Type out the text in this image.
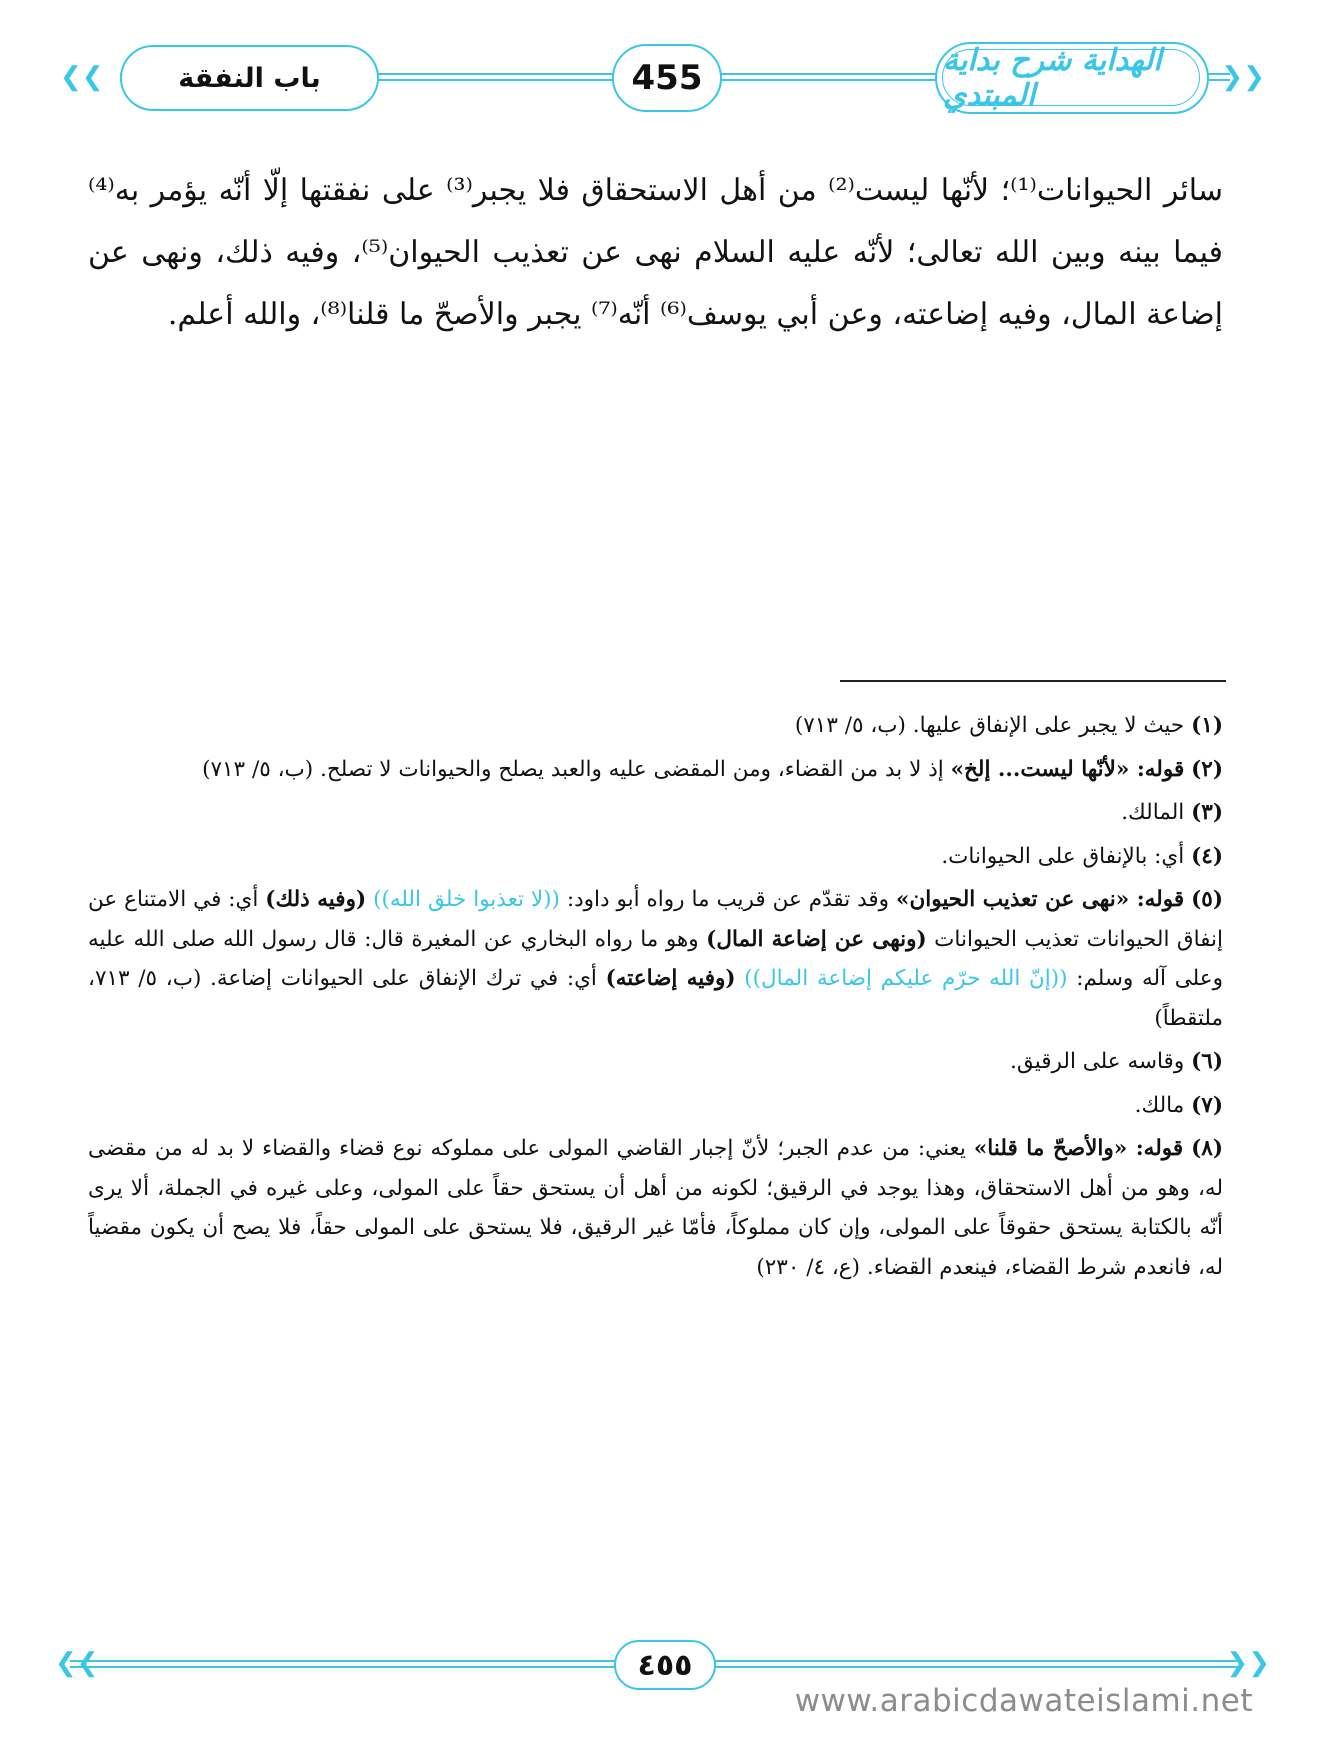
❮❮	❯❯
باب النفقة	455	الهداية شرح بداية المبتدي

سائر الحيوانات⁽¹⁾؛ لأنّها ليست⁽²⁾ من أهل الاستحقاق فلا يجبر⁽³⁾ على نفقتها إلّا أنّه يؤمر به⁽⁴⁾ فيما بينه وبين الله تعالى؛ لأنّه عليه السلام نهى عن تعذيب الحيوان⁽⁵⁾، وفيه ذلك، ونهى عن إضاعة المال، وفيه إضاعته، وعن أبي يوسف⁽⁶⁾ أنّه⁽⁷⁾ يجبر والأصحّ ما قلنا⁽⁸⁾، والله أعلم.

(١) حيث لا يجبر على الإنفاق عليها. (ب، ٥/ ٧١٣)

(٢) قوله: «لأنّها ليست... إلخ» إذ لا بد من القضاء، ومن المقضى عليه والعبد يصلح والحيوانات لا تصلح. (ب، ٥/ ٧١٣)

(٣) المالك.

(٤) أي: بالإنفاق على الحيوانات.

(٥) قوله: «نهى عن تعذيب الحيوان» وقد تقدّم عن قريب ما رواه أبو داود: ((لا تعذبوا خلق الله)) (وفيه ذلك) أي: في الامتناع عن إنفاق الحيوانات تعذيب الحيوانات (ونهى عن إضاعة المال) وهو ما رواه البخاري عن المغيرة قال: قال رسول الله صلى الله عليه وعلى آله وسلم: ((إنّ الله حرّم عليكم إضاعة المال)) (وفيه إضاعته) أي: في ترك الإنفاق على الحيوانات إضاعة. (ب، ٥/ ٧١٣، ملتقطاً)

(٦) وقاسه على الرقيق.

(٧) مالك.

(٨) قوله: «والأصحّ ما قلنا» يعني: من عدم الجبر؛ لأنّ إجبار القاضي المولى على مملوكه نوع قضاء والقضاء لا بد له من مقضى له، وهو من أهل الاستحقاق، وهذا يوجد في الرقيق؛ لكونه من أهل أن يستحق حقاً على المولى، وعلى غيره في الجملة، ألا يرى أنّه بالكتابة يستحق حقوقاً على المولى، وإن كان مملوكاً، فأمّا غير الرقيق، فلا يستحق على المولى حقاً، فلا يصح أن يكون مقضياً له، فانعدم شرط القضاء، فينعدم القضاء. (ع، ٤/ ٢٣٠)

❮❮	❯❯
٤٥٥
www.arabicdawateislami.net
